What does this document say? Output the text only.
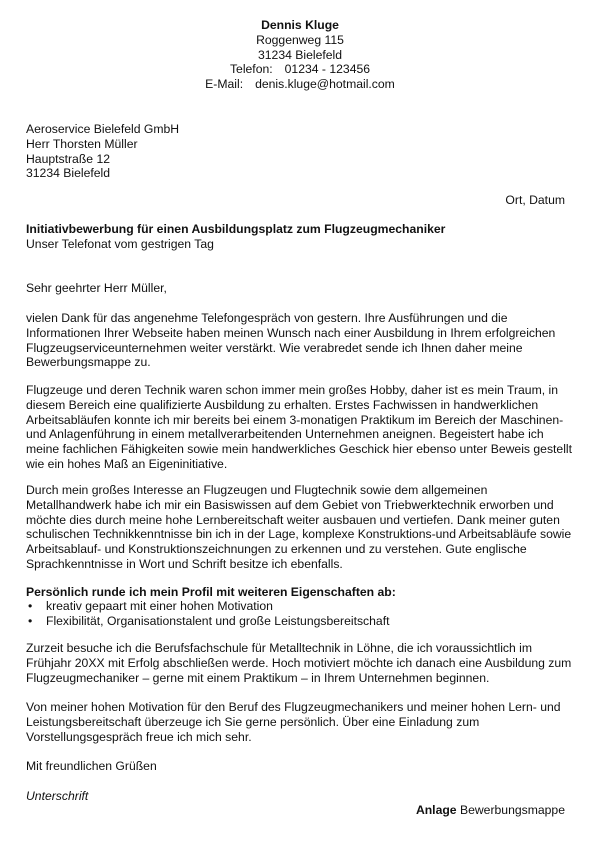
Dennis Kluge
Roggenweg 115
31234 Bielefeld
Telefon: 01234 - 123456
E-Mail: denis.kluge@hotmail.com
Aeroservice Bielefeld GmbH
Herr Thorsten Müller
Hauptstraße 12
31234 Bielefeld
Ort, Datum
Initiativbewerbung für einen Ausbildungsplatz zum Flugzeugmechaniker
Unser Telefonat vom gestrigen Tag
Sehr geehrter Herr Müller,
vielen Dank für das angenehme Telefongespräch von gestern. Ihre Ausführungen und die Informationen Ihrer Webseite haben meinen Wunsch nach einer Ausbildung in Ihrem erfolgreichen Flugzeugserviceunternehmen weiter verstärkt. Wie verabredet sende ich Ihnen daher meine Bewerbungsmappe zu.
Flugzeuge und deren Technik waren schon immer mein großes Hobby, daher ist es mein Traum, in diesem Bereich eine qualifizierte Ausbildung zu erhalten. Erstes Fachwissen in handwerklichen Arbeitsabläufen konnte ich mir bereits bei einem 3-monatigen Praktikum im Bereich der Maschinen- und Anlagenführung in einem metallverarbeitenden Unternehmen aneignen. Begeistert habe ich meine fachlichen Fähigkeiten sowie mein handwerkliches Geschick hier ebenso unter Beweis gestellt wie ein hohes Maß an Eigeninitiative.
Durch mein großes Interesse an Flugzeugen und Flugtechnik sowie dem allgemeinen Metallhandwerk habe ich mir ein Basiswissen auf dem Gebiet von Triebwerktechnik erworben und möchte dies durch meine hohe Lernbereitschaft weiter ausbauen und vertiefen. Dank meiner guten schulischen Technikkenntnisse bin ich in der Lage, komplexe Konstruktions-und Arbeitsabläufe sowie Arbeitsablauf- und Konstruktionszeichnungen zu erkennen und zu verstehen. Gute englische Sprachkenntnisse in Wort und Schrift besitze ich ebenfalls.
Persönlich runde ich mein Profil mit weiteren Eigenschaften ab:
• kreativ gepaart mit einer hohen Motivation
• Flexibilität, Organisationstalent und große Leistungsbereitschaft
Zurzeit besuche ich die Berufsfachschule für Metalltechnik in Löhne, die ich voraussichtlich im Frühjahr 20XX mit Erfolg abschließen werde. Hoch motiviert möchte ich danach eine Ausbildung zum Flugzeugmechaniker – gerne mit einem Praktikum – in Ihrem Unternehmen beginnen.
Von meiner hohen Motivation für den Beruf des Flugzeugmechanikers und meiner hohen Lern- und Leistungsbereitschaft überzeuge ich Sie gerne persönlich. Über eine Einladung zum Vorstellungsgespräch freue ich mich sehr.
Mit freundlichen Grüßen
Unterschrift
Anlage Bewerbungsmappe
